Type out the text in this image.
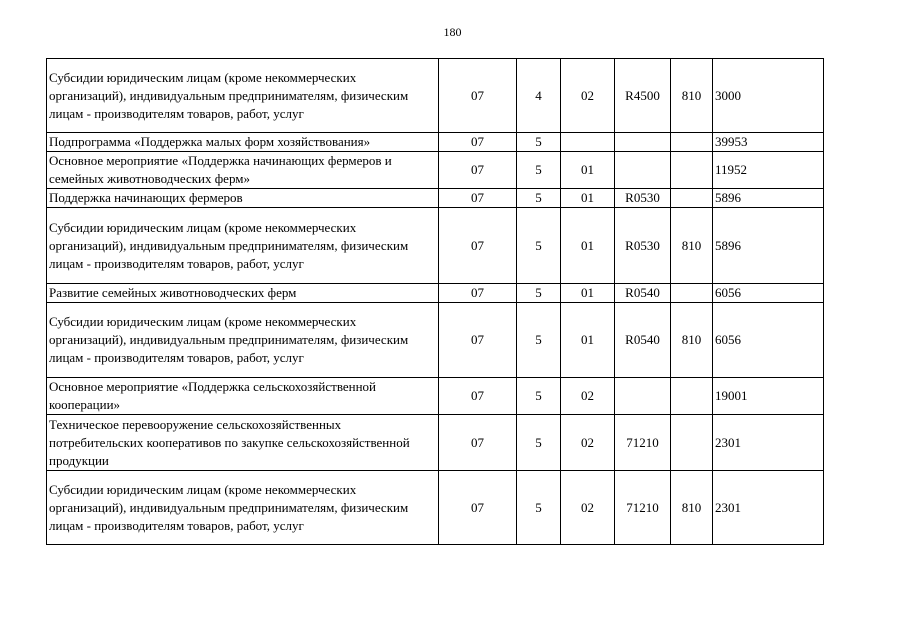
180
Субсидии юридическим лицам (кроме некоммерческих организаций), индивидуальным предпринимателям, физическим лицам - производителям товаров, работ, услуг	07	4	02	R4500	810	3000
Подпрограмма «Поддержка малых форм хозяйствования»	07	5				39953
Основное мероприятие «Поддержка начинающих фермеров и семейных животноводческих ферм»	07	5	01			11952
Поддержка начинающих фермеров	07	5	01	R0530		5896
Субсидии юридическим лицам (кроме некоммерческих организаций), индивидуальным предпринимателям, физическим лицам - производителям товаров, работ, услуг	07	5	01	R0530	810	5896
Развитие семейных животноводческих ферм	07	5	01	R0540		6056
Субсидии юридическим лицам (кроме некоммерческих организаций), индивидуальным предпринимателям, физическим лицам - производителям товаров, работ, услуг	07	5	01	R0540	810	6056
Основное мероприятие «Поддержка сельскохозяйственной кооперации»	07	5	02			19001
Техническое перевооружение сельскохозяйственных потребительских кооперативов по закупке сельскохозяйственной продукции	07	5	02	71210		2301
Субсидии юридическим лицам (кроме некоммерческих организаций), индивидуальным предпринимателям, физическим лицам - производителям товаров, работ, услуг	07	5	02	71210	810	2301
